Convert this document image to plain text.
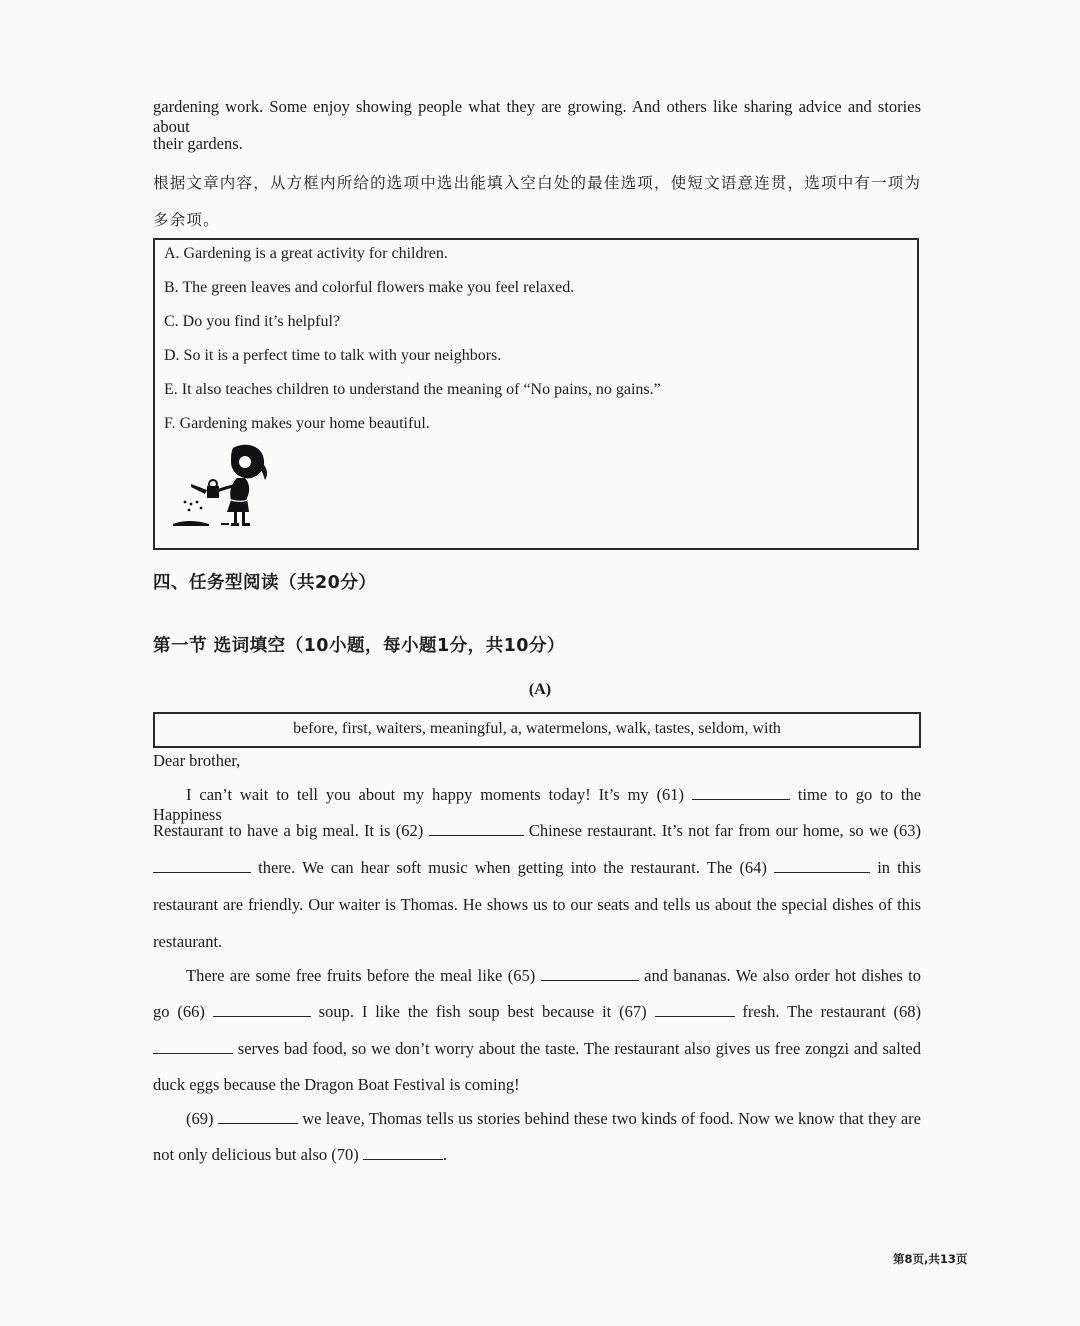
gardening work. Some enjoy showing people what they are growing. And others like sharing advice and stories about
their gardens.
根据文章内容，从方框内所给的选项中选出能填入空白处的最佳选项，使短文语意连贯，选项中有一项为
多余项。
A. Gardening is a great activity for children.
B. The green leaves and colorful flowers make you feel relaxed.
C. Do you find it’s helpful?
D. So it is a perfect time to talk with your neighbors.
E. It also teaches children to understand the meaning of “No pains, no gains.”
F. Gardening makes your home beautiful.
四、任务型阅读（共20分）
第一节 选词填空（10小题，每小题1分，共10分）
(A)
before, first, waiters, meaningful, a, watermelons, walk, tastes, seldom, with
Dear brother,
I can’t wait to tell you about my happy moments today! It’s my (61)	time to go to the Happiness
Restaurant to have a big meal. It is (62)	Chinese restaurant. It’s not far from our home, so we (63)
there. We can hear soft music when getting into the restaurant. The (64)	in this
restaurant are friendly. Our waiter is Thomas. He shows us to our seats and tells us about the special dishes of this
restaurant.
There are some free fruits before the meal like (65)	and bananas. We also order hot dishes to
go (66)	soup. I like the fish soup best because it (67)	fresh. The restaurant (68)
serves bad food, so we don’t worry about the taste. The restaurant also gives us free zongzi and salted
duck eggs because the Dragon Boat Festival is coming!
(69)	we leave, Thomas tells us stories behind these two kinds of food. Now we know that they are
not only delicious but also (70)	.
第8页,共13页
